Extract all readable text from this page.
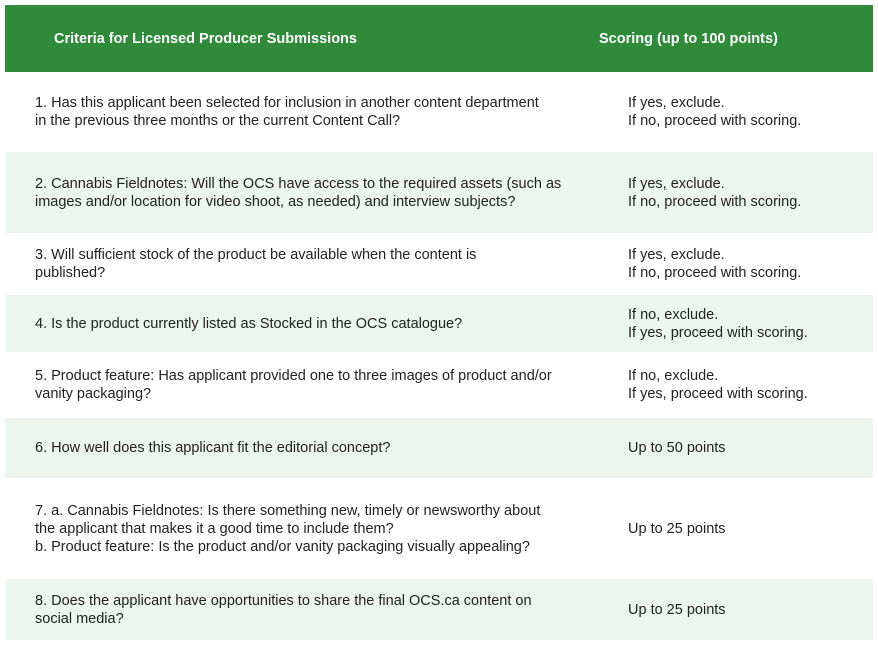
Criteria for Licensed Producer Submissions	Scoring (up to 100 points)
1. Has this applicant been selected for inclusion in another content department
in the previous three months or the current Content Call?
If yes, exclude.
If no, proceed with scoring.
2. Cannabis Fieldnotes: Will the OCS have access to the required assets (such as
images and/or location for video shoot, as needed) and interview subjects?
If yes, exclude.
If no, proceed with scoring.
3. Will sufficient stock of the product be available when the content is
published?
If yes, exclude.
If no, proceed with scoring.
4. Is the product currently listed as Stocked in the OCS catalogue?
If no, exclude.
If yes, proceed with scoring.
5. Product feature: Has applicant provided one to three images of product and/or
vanity packaging?
If no, exclude.
If yes, proceed with scoring.
6. How well does this applicant fit the editorial concept?	Up to 50 points
7. a. Cannabis Fieldnotes: Is there something new, timely or newsworthy about
the applicant that makes it a good time to include them?
b. Product feature: Is the product and/or vanity packaging visually appealing?
Up to 25 points
8. Does the applicant have opportunities to share the final OCS.ca content on
social media?
Up to 25 points
